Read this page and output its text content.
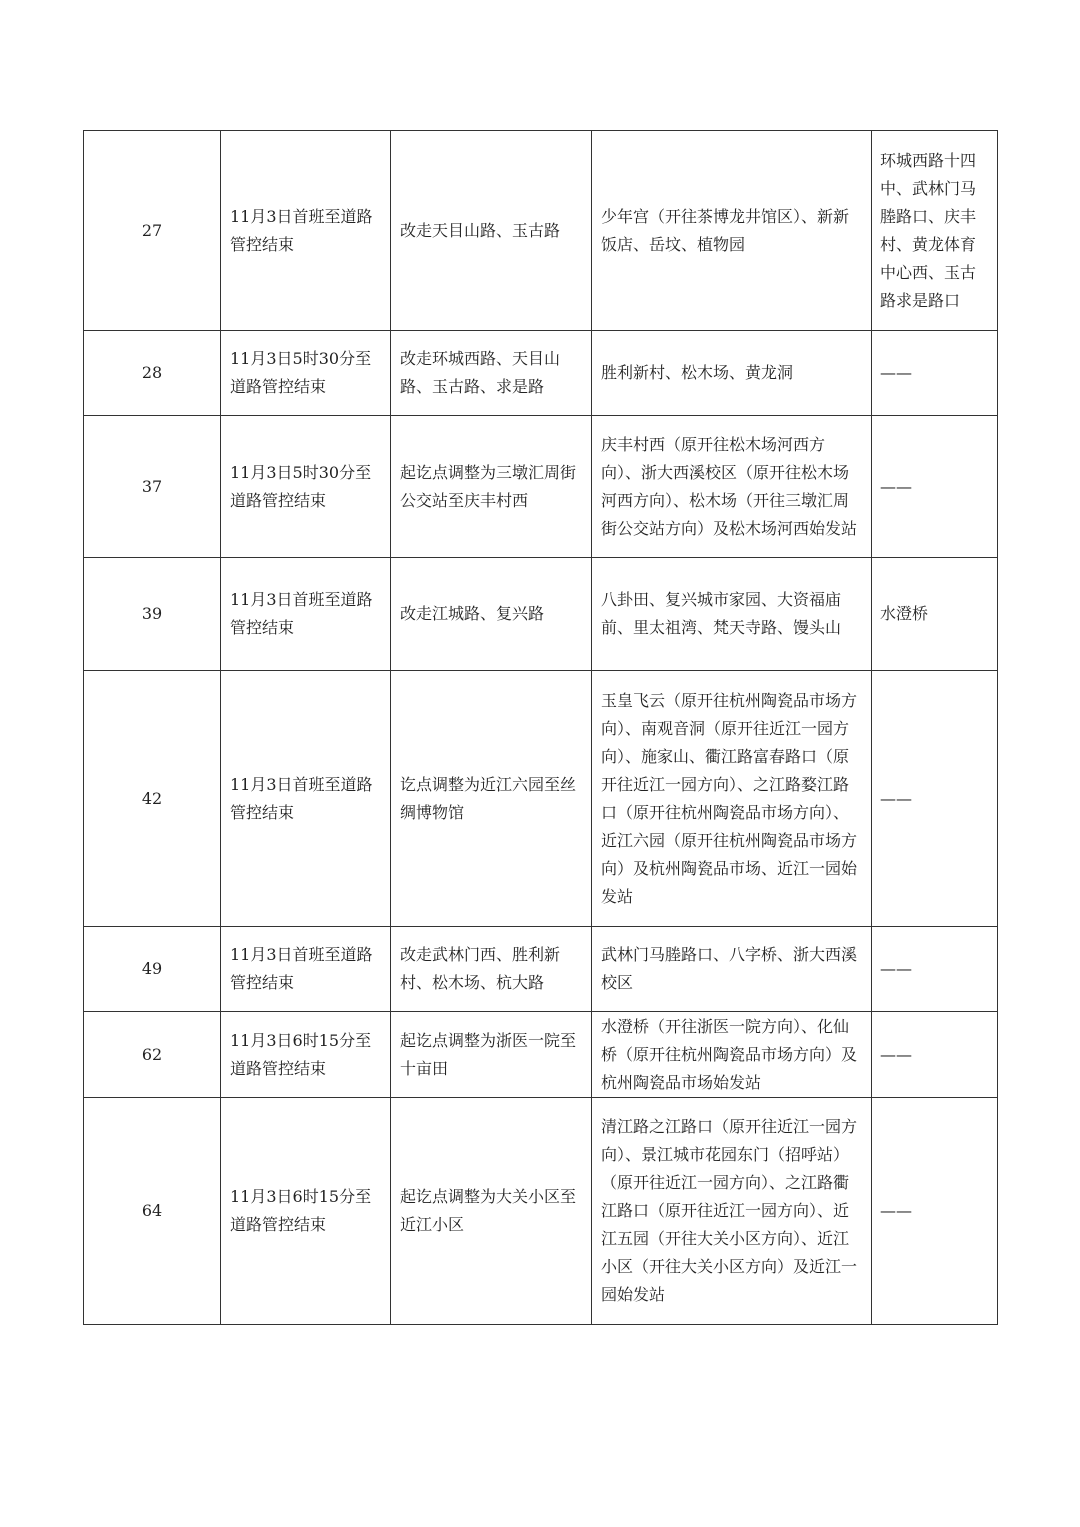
27	11月3日首班至道路管控结束	改走天目山路、玉古路	少年宫（开往茶博龙井馆区）、新新饭店、岳坟、植物园	环城西路十四中、武林门马塍路口、庆丰村、黄龙体育中心西、玉古路求是路口
28	11月3日5时30分至道路管控结束	改走环城西路、天目山路、玉古路、求是路	胜利新村、松木场、黄龙洞	——
37	11月3日5时30分至道路管控结束	起讫点调整为三墩汇周街公交站至庆丰村西	庆丰村西（原开往松木场河西方向）、浙大西溪校区（原开往松木场河西方向）、松木场（开往三墩汇周街公交站方向）及松木场河西始发站	——
39	11月3日首班至道路管控结束	改走江城路、复兴路	八卦田、复兴城市家园、大资福庙前、里太祖湾、梵天寺路、馒头山	水澄桥
42	11月3日首班至道路管控结束	讫点调整为近江六园至丝绸博物馆	玉皇飞云（原开往杭州陶瓷品市场方向）、南观音洞（原开往近江一园方向）、施家山、衢江路富春路口（原开往近江一园方向）、之江路婺江路口（原开往杭州陶瓷品市场方向）、近江六园（原开往杭州陶瓷品市场方向）及杭州陶瓷品市场、近江一园始发站	——
49	11月3日首班至道路管控结束	改走武林门西、胜利新村、松木场、杭大路	武林门马塍路口、八字桥、浙大西溪校区	——
62	11月3日6时15分至道路管控结束	起讫点调整为浙医一院至十亩田	水澄桥（开往浙医一院方向）、化仙桥（原开往杭州陶瓷品市场方向）及杭州陶瓷品市场始发站	——
64	11月3日6时15分至道路管控结束	起讫点调整为大关小区至近江小区	清江路之江路口（原开往近江一园方向）、景江城市花园东门（招呼站）（原开往近江一园方向）、之江路衢江路口（原开往近江一园方向）、近江五园（开往大关小区方向）、近江小区（开往大关小区方向）及近江一园始发站	——
